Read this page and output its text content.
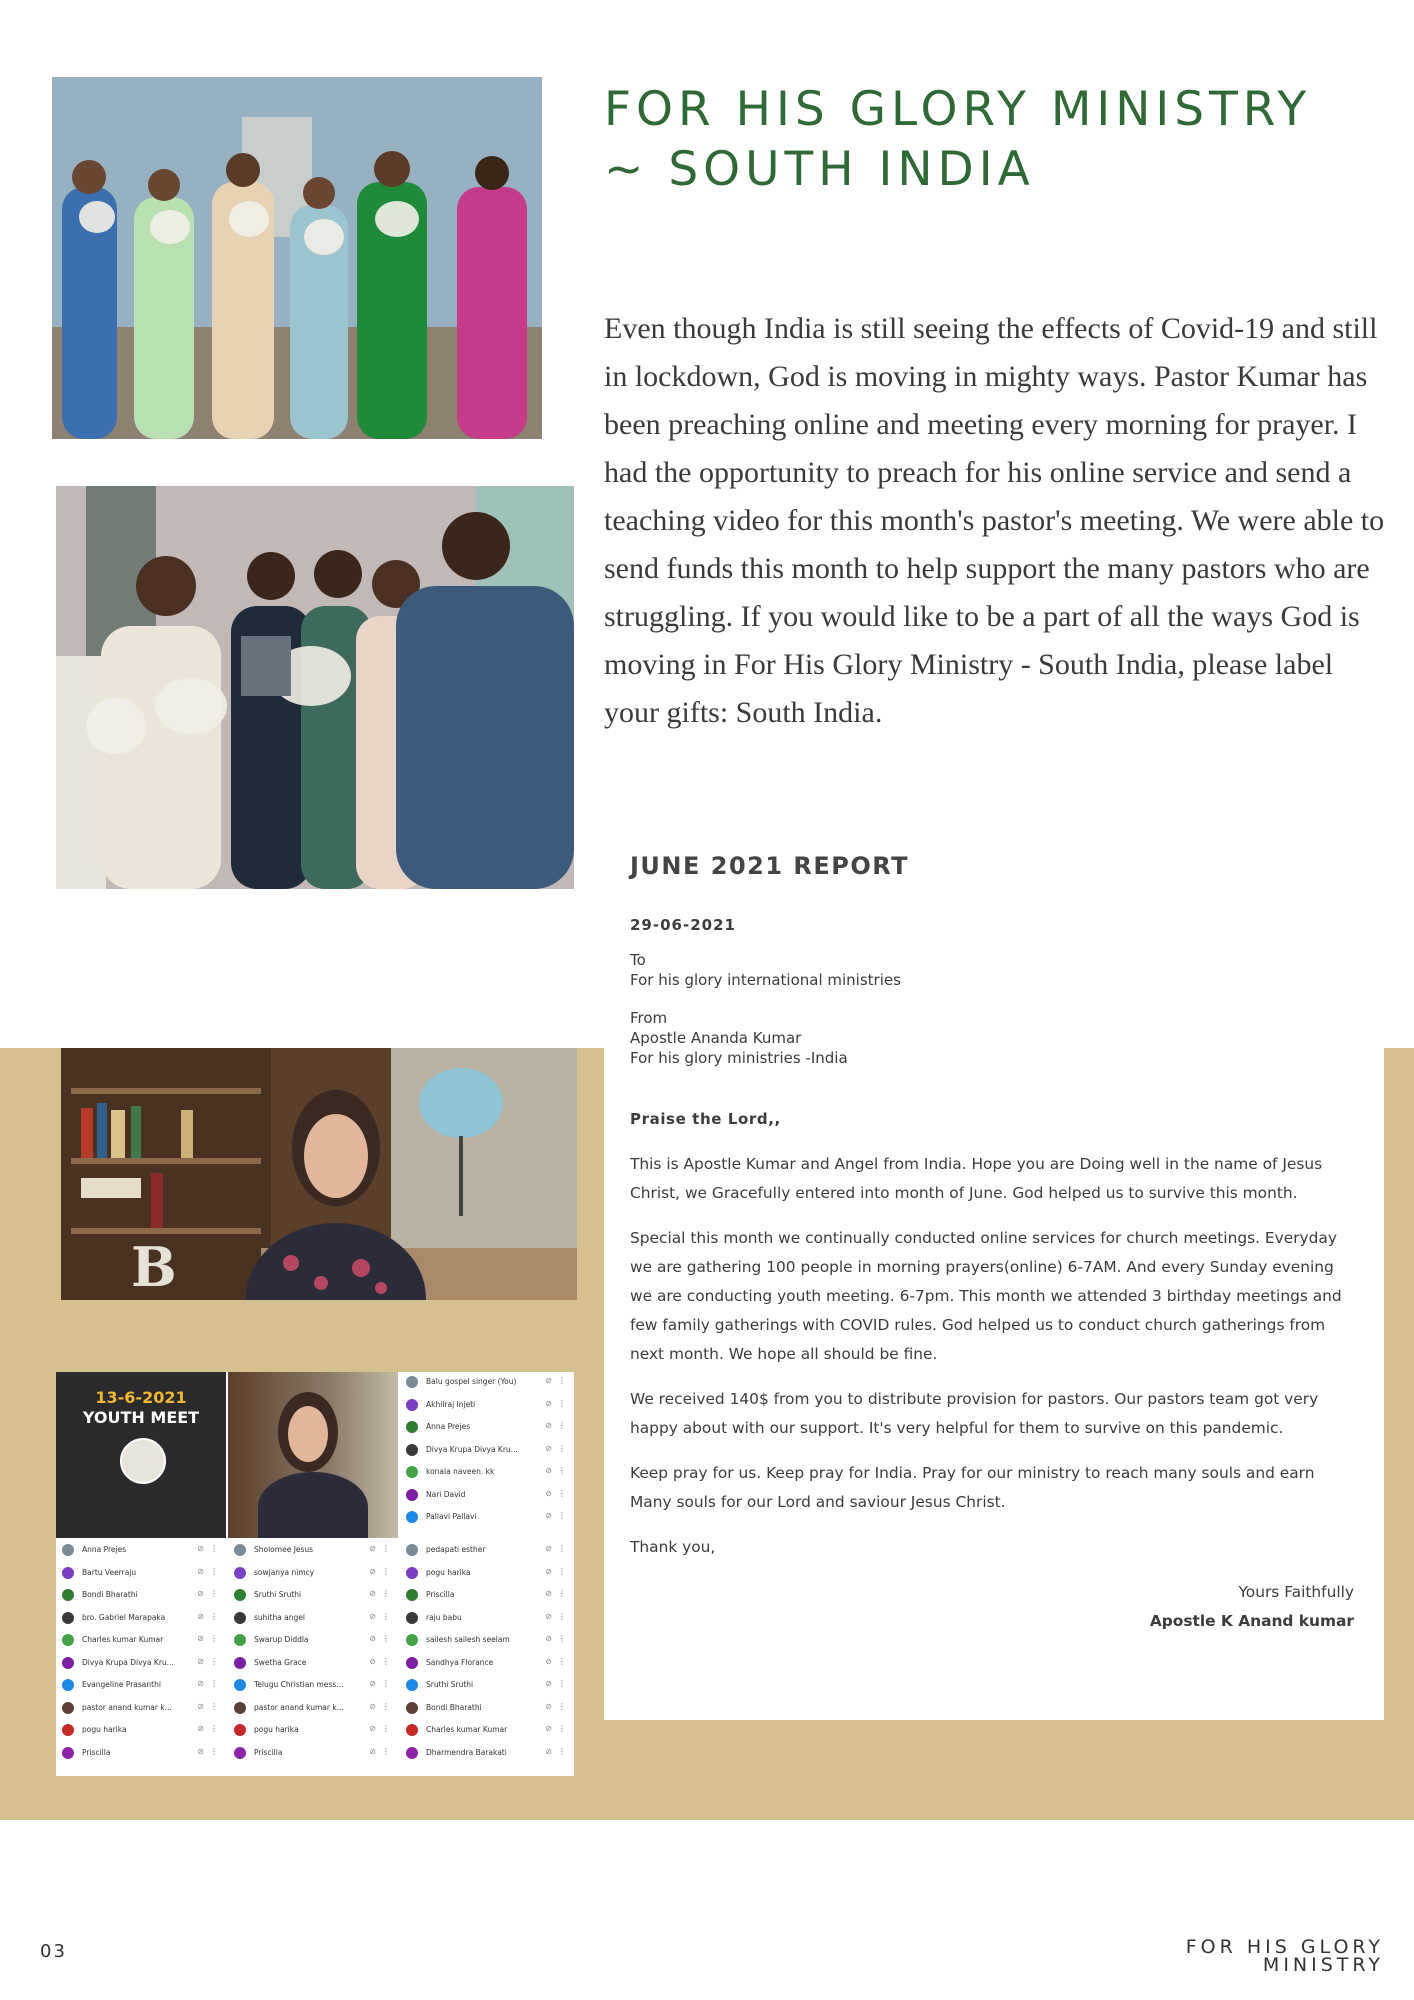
FOR HIS GLORY MINISTRY ~ SOUTH INDIA

Even though India is still seeing the effects of Covid-19 and still in lockdown, God is moving in mighty ways. Pastor Kumar has been preaching online and meeting every morning for prayer. I had the opportunity to preach for his online service and send a teaching video for this month's pastor's meeting. We were able to send funds this month to help support the many pastors who are struggling. If you would like to be a part of all the ways God is moving in For His Glory Ministry - South India, please label your gifts: South India.

JUNE 2021 REPORT
29-06-2021
To
For his glory international ministries
From
Apostle Ananda Kumar
For his glory ministries -India
Praise the Lord,,

This is Apostle Kumar and Angel from India. Hope you are Doing well in the name of Jesus Christ, we Gracefully entered into month of June. God helped us to survive this month.

Special this month we continually conducted online services for church meetings. Everyday we are gathering 100 people in morning prayers(online) 6-7AM. And every Sunday evening we are conducting youth meeting. 6-7pm. This month we attended 3 birthday meetings and few family gatherings with COVID rules. God helped us to conduct church gatherings from next month. We hope all should be fine.

We received 140$ from you to distribute provision for pastors. Our pastors team got very happy about with our support. It's very helpful for them to survive on this pandemic.

Keep pray for us. Keep pray for India. Pray for our ministry to reach many souls and earn Many souls for our Lord and saviour Jesus Christ.

Thank you,

Yours Faithfully
Apostle K Anand kumar
B
13-6-2021
YOUTH MEET
Balu gospel singer (You)	⊘ ⋮
Akhilraj Injeti	⊘ ⋮
Anna Prejes	⊘ ⋮
Divya Krupa Divya Kru...	⊘ ⋮
konala naveen. kk	⊘ ⋮
Nari David	⊘ ⋮
Pallavi Pallavi	⊘ ⋮
Anna Prejes	⊘ ⋮
Bartu Veerraju	⊘ ⋮
Bondi Bharathi	⊘ ⋮
bro. Gabriel Marapaka	⊘ ⋮
Charles kumar Kumar	⊘ ⋮
Divya Krupa Divya Kru...	⊘ ⋮
Evangeline Prasanthi	⊘ ⋮
pastor anand kumar k...	⊘ ⋮
pogu harika	⊘ ⋮
Priscilla	⊘ ⋮
Sholomee Jesus	⊘ ⋮
sowjanya nimcy	⊘ ⋮
Sruthi Sruthi	⊘ ⋮
suhitha angel	⊘ ⋮
Swarup Diddla	⊘ ⋮
Swetha Grace	⊘ ⋮
Telugu Christian mess...	⊘ ⋮
pastor anand kumar k...	⊘ ⋮
pogu harika	⊘ ⋮
Priscilla	⊘ ⋮
pedapati esther	⊘ ⋮
pogu harika	⊘ ⋮
Priscilla	⊘ ⋮
raju babu	⊘ ⋮
sailesh sailesh seelam	⊘ ⋮
Sandhya Florance	⊘ ⋮
Sruthi Sruthi	⊘ ⋮
Bondi Bharathi	⊘ ⋮
Charles kumar Kumar	⊘ ⋮
Dharmendra Barakati	⊘ ⋮
03	FOR HIS GLORY
MINISTRY
